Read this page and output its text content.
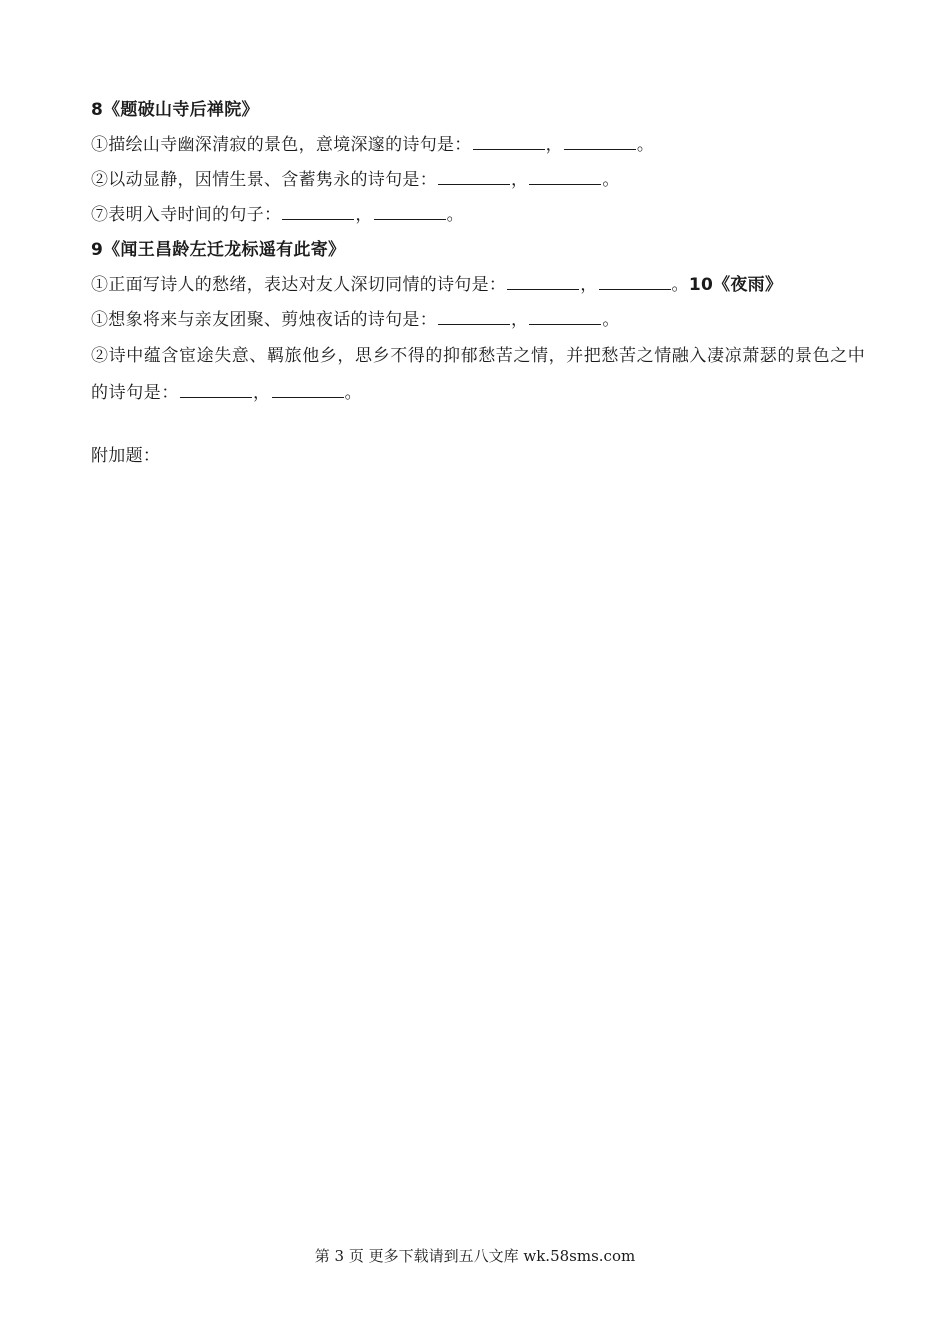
8《题破山寺后禅院》
①描绘山寺幽深清寂的景色，意境深邃的诗句是：	，	。
②以动显静，因情生景、含蓄隽永的诗句是：	，	。
⑦表明入寺时间的句子：	，	。
9《闻王昌龄左迁龙标遥有此寄》
①正面写诗人的愁绪，表达对友人深切同情的诗句是：	，	。10《夜雨》
①想象将来与亲友团聚、剪烛夜话的诗句是：	，	。
②诗中蕴含宦途失意、羁旅他乡，思乡不得的抑郁愁苦之情，并把愁苦之情融入凄凉萧瑟的景色之中的诗句是：	，	。
附加题：
第 3 页 更多下载请到五八文库 wk.58sms.com
